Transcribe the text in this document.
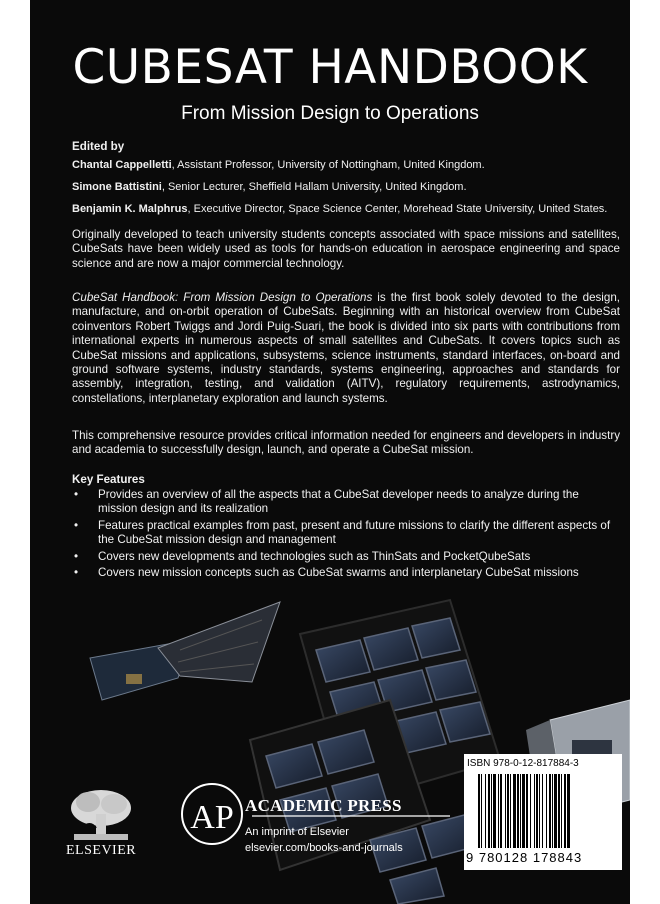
CUBESAT HANDBOOK
From Mission Design to Operations
Edited by
Chantal Cappelletti, Assistant Professor, University of Nottingham, United Kingdom.
Simone Battistini, Senior Lecturer, Sheffield Hallam University, United Kingdom.
Benjamin K. Malphrus, Executive Director, Space Science Center, Morehead State University, United States.
Originally developed to teach university students concepts associated with space missions and satellites, CubeSats have been widely used as tools for hands-on education in aerospace engineering and space science and are now a major commercial technology.
CubeSat Handbook: From Mission Design to Operations is the first book solely devoted to the design, manufacture, and on-orbit operation of CubeSats. Beginning with an historical overview from CubeSat coinventors Robert Twiggs and Jordi Puig-Suari, the book is divided into six parts with contributions from international experts in numerous aspects of small satellites and CubeSats. It covers topics such as CubeSat missions and applications, subsystems, science instruments, standard interfaces, on-board and ground software systems, industry standards, systems engineering, approaches and standards for assembly, integration, testing, and validation (AITV), regulatory requirements, astrodynamics, constellations, interplanetary exploration and launch systems.
This comprehensive resource provides critical information needed for engineers and developers in industry and academia to successfully design, launch, and operate a CubeSat mission.
Key Features
• Provides an overview of all the aspects that a CubeSat developer needs to analyze during the mission design and its realization
• Features practical examples from past, present and future missions to clarify the different aspects of the CubeSat mission design and management
• Covers new developments and technologies such as ThinSats and PocketQubeSats
• Covers new mission concepts such as CubeSat swarms and interplanetary CubeSat missions
AP
ELSEVIER
ACADEMIC PRESS
An imprint of Elsevier
elsevier.com/books-and-journals
ISBN 978-0-12-817884-3
9 780128 178843
